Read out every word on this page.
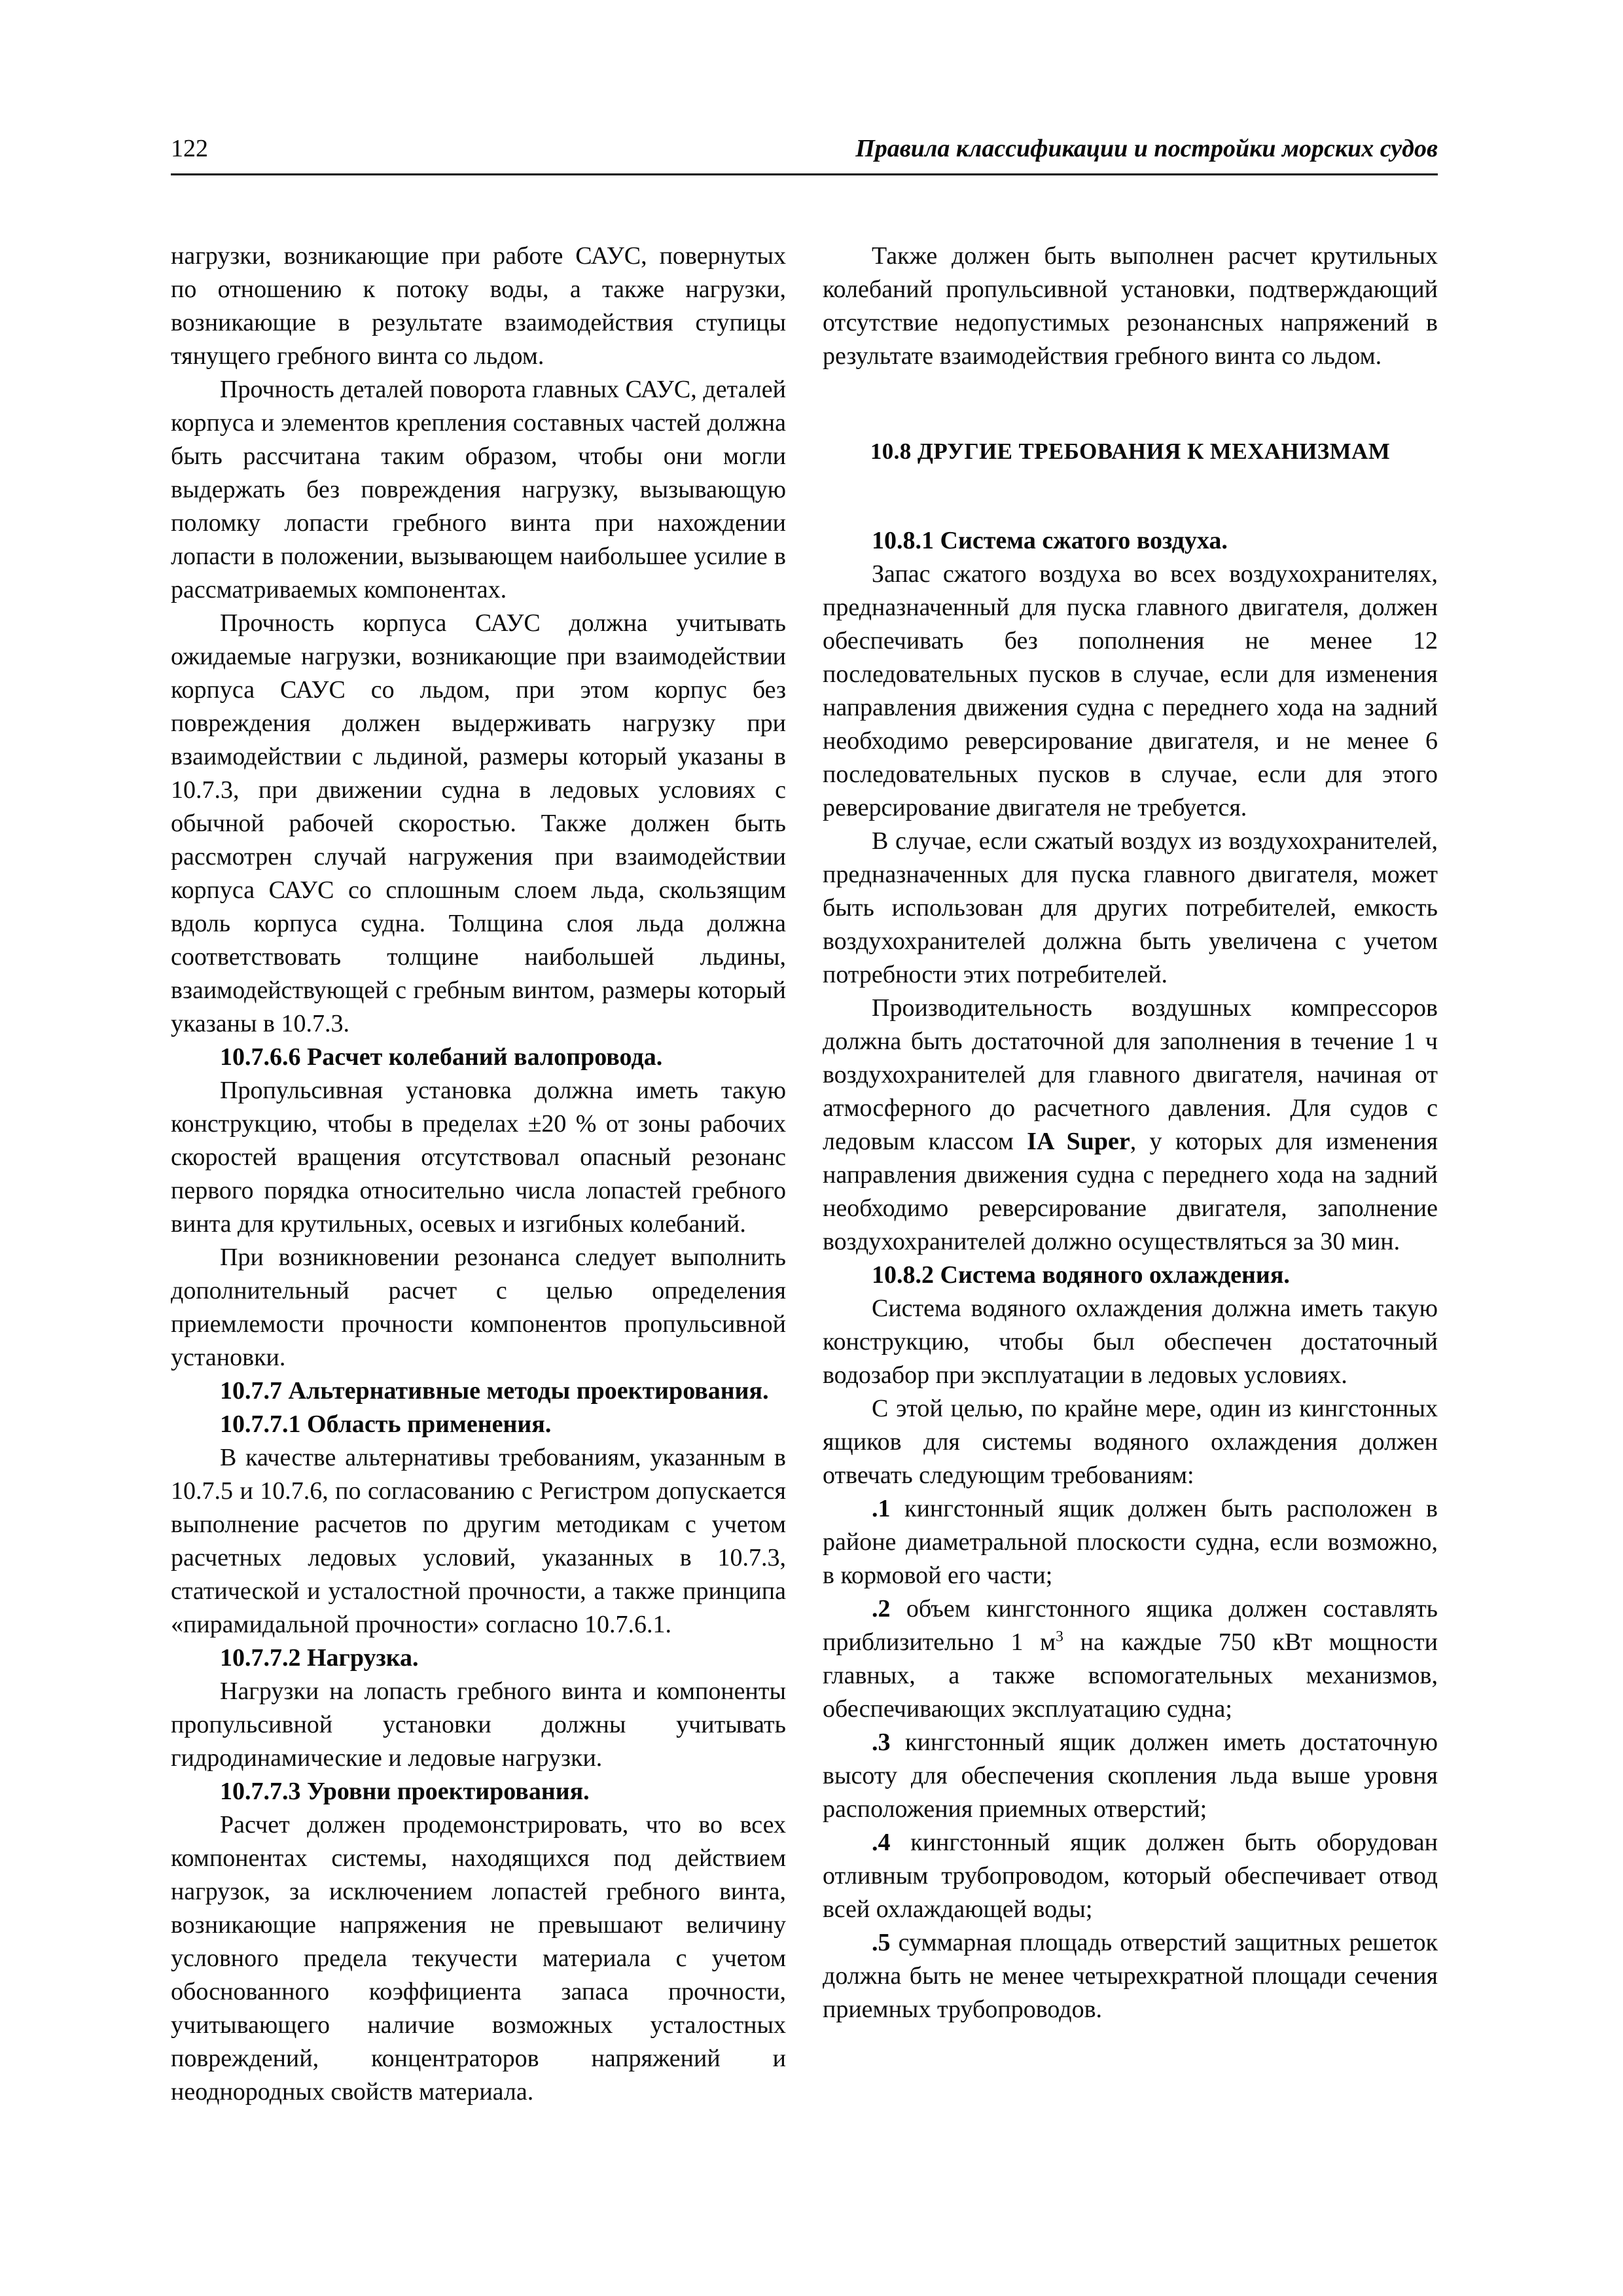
122	Правила классификации и постройки морских судов

нагрузки, возникающие при работе САУС, повернутых по отношению к потоку воды, а также нагрузки, возникающие в результате взаимодействия ступицы тянущего гребного винта со льдом.

Прочность деталей поворота главных САУС, деталей корпуса и элементов крепления составных частей должна быть рассчитана таким образом, чтобы они могли выдержать без повреждения нагрузку, вызывающую поломку лопасти гребного винта при нахождении лопасти в положении, вызывающем наибольшее усилие в рассматриваемых компонентах.

Прочность корпуса САУС должна учитывать ожидаемые нагрузки, возникающие при взаимодействии корпуса САУС со льдом, при этом корпус без повреждения должен выдерживать нагрузку при взаимодействии с льдиной, размеры который указаны в 10.7.3, при движении судна в ледовых условиях с обычной рабочей скоростью. Также должен быть рассмотрен случай нагружения при взаимодействии корпуса САУС со сплошным слоем льда, скользящим вдоль корпуса судна. Толщина слоя льда должна соответствовать толщине наибольшей льдины, взаимодействующей с гребным винтом, размеры который указаны в 10.7.3.

10.7.6.6 Расчет колебаний валопровода.

Пропульсивная установка должна иметь такую конструкцию, чтобы в пределах ±20 % от зоны рабочих скоростей вращения отсутствовал опасный резонанс первого порядка относительно числа лопастей гребного винта для крутильных, осевых и изгибных колебаний.

При возникновении резонанса следует выполнить дополнительный расчет с целью определения приемлемости прочности компонентов пропульсивной установки.

10.7.7 Альтернативные методы проектирования.

10.7.7.1 Область применения.

В качестве альтернативы требованиям, указанным в 10.7.5 и 10.7.6, по согласованию с Регистром допускается выполнение расчетов по другим методикам с учетом расчетных ледовых условий, указанных в 10.7.3, статической и усталостной прочности, а также принципа «пирамидальной прочности» согласно 10.7.6.1.

10.7.7.2 Нагрузка.

Нагрузки на лопасть гребного винта и компоненты пропульсивной установки должны учитывать гидродинамические и ледовые нагрузки.

10.7.7.3 Уровни проектирования.

Расчет должен продемонстрировать, что во всех компонентах системы, находящихся под действием нагрузок, за исключением лопастей гребного винта, возникающие напряжения не превышают величину условного предела текучести материала с учетом обоснованного коэффициента запаса прочности, учитывающего наличие возможных усталостных повреждений, концентраторов напряжений и неоднородных свойств материала.

Также должен быть выполнен расчет крутильных колебаний пропульсивной установки, подтверждающий отсутствие недопустимых резонансных напряжений в результате взаимодействия гребного винта со льдом.

10.8 ДРУГИЕ ТРЕБОВАНИЯ К МЕХАНИЗМАМ

10.8.1 Система сжатого воздуха.

Запас сжатого воздуха во всех воздухохранителях, предназначенный для пуска главного двигателя, должен обеспечивать без пополнения не менее 12 последовательных пусков в случае, если для изменения направления движения судна с переднего хода на задний необходимо реверсирование двигателя, и не менее 6 последовательных пусков в случае, если для этого реверсирование двигателя не требуется.

В случае, если сжатый воздух из воздухохранителей, предназначенных для пуска главного двигателя, может быть использован для других потребителей, емкость воздухохранителей должна быть увеличена с учетом потребности этих потребителей.

Производительность воздушных компрессоров должна быть достаточной для заполнения в течение 1 ч воздухохранителей для главного двигателя, начиная от атмосферного до расчетного давления. Для судов с ледовым классом IA Super, у которых для изменения направления движения судна с переднего хода на задний необходимо реверсирование двигателя, заполнение воздухохранителей должно осуществляться за 30 мин.

10.8.2 Система водяного охлаждения.

Система водяного охлаждения должна иметь такую конструкцию, чтобы был обеспечен достаточный водозабор при эксплуатации в ледовых условиях.

С этой целью, по крайне мере, один из кингстонных ящиков для системы водяного охлаждения должен отвечать следующим требованиям:

.1 кингстонный ящик должен быть расположен в районе диаметральной плоскости судна, если возможно, в кормовой его части;

.2 объем кингстонного ящика должен составлять приблизительно 1 $м^3$ на каждые 750 кВт мощности главных, а также вспомогательных механизмов, обеспечивающих эксплуатацию судна;

.3 кингстонный ящик должен иметь достаточную высоту для обеспечения скопления льда выше уровня расположения приемных отверстий;

.4 кингстонный ящик должен быть оборудован отливным трубопроводом, который обеспечивает отвод всей охлаждающей воды;

.5 суммарная площадь отверстий защитных решеток должна быть не менее четырехкратной площади сечения приемных трубопроводов.
